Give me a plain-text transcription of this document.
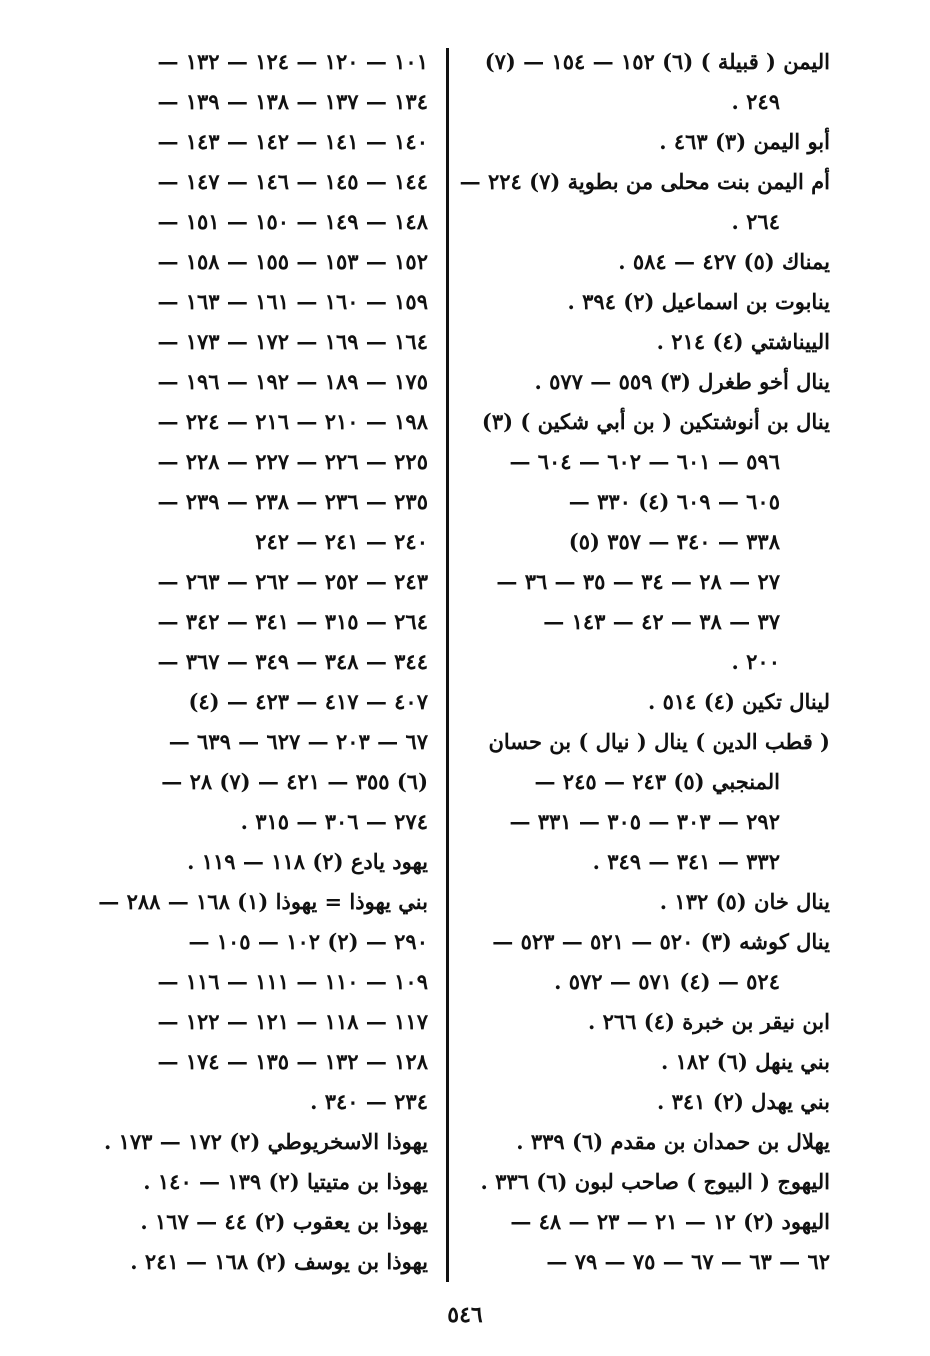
اليمن ( قبيلة ) (٦) ١٥٢ — ١٥٤ — (٧)
٢٤٩ .
أبو اليمن (٣) ٤٦٣ .
أم اليمن بنت محلى من بطوية (٧) ٢٢٤ —
٢٦٤ .
يمناك (٥) ٤٢٧ — ٥٨٤ .
ينابوت بن اسماعيل (٢) ٣٩٤ .
الييناشتي (٤) ٢١٤ .
ينال أخو طغرل (٣) ٥٥٩ — ٥٧٧ .
ينال بن أنوشتكين ( بن أبي شكين ) (٣)
٥٩٦ — ٦٠١ — ٦٠٢ — ٦٠٤ —
٦٠٥ — ٦٠٩ (٤) ٣٣٠ —
٣٣٨ — ٣٤٠ — ٣٥٧ (٥)
٢٧ — ٢٨ — ٣٤ — ٣٥ — ٣٦ —
٣٧ — ٣٨ — ٤٢ — ١٤٣ —
٢٠٠ .
لينال تكين (٤) ٥١٤ .
( قطب الدين ) ينال ( نيال ) بن حسان
المنجبي (٥) ٢٤٣ — ٢٤٥ —
٢٩٢ — ٣٠٣ — ٣٠٥ — ٣٣١ —
٣٣٢ — ٣٤١ — ٣٤٩ .
ينال خان (٥) ١٣٢ .
ينال كوشه (٣) ٥٢٠ — ٥٢١ — ٥٢٣ —
٥٢٤ — (٤) ٥٧١ — ٥٧٢ .
ابن نيقر بن خبرة (٤) ٢٦٦ .
بني ينهل (٦) ١٨٢ .
بني يهدل (٢) ٣٤١ .
يهلال بن حمدان بن مقدم (٦) ٣٣٩ .
اليهوج ( البيوج ) صاحب لبون (٦) ٣٣٦ .
اليهود (٢) ١٢ — ٢١ — ٢٣ — ٤٨ —
٦٢ — ٦٣ — ٦٧ — ٧٥ — ٧٩ —
١٠١ — ١٢٠ — ١٢٤ — ١٣٢ —
١٣٤ — ١٣٧ — ١٣٨ — ١٣٩ —
١٤٠ — ١٤١ — ١٤٢ — ١٤٣ —
١٤٤ — ١٤٥ — ١٤٦ — ١٤٧ —
١٤٨ — ١٤٩ — ١٥٠ — ١٥١ —
١٥٢ — ١٥٣ — ١٥٥ — ١٥٨ —
١٥٩ — ١٦٠ — ١٦١ — ١٦٣ —
١٦٤ — ١٦٩ — ١٧٢ — ١٧٣ —
١٧٥ — ١٨٩ — ١٩٢ — ١٩٦ —
١٩٨ — ٢١٠ — ٢١٦ — ٢٢٤ —
٢٢٥ — ٢٢٦ — ٢٢٧ — ٢٢٨ —
٢٣٥ — ٢٣٦ — ٢٣٨ — ٢٣٩ —
٢٤٠ — ٢٤١ — ٢٤٢
٢٤٣ — ٢٥٢ — ٢٦٢ — ٢٦٣ —
٢٦٤ — ٣١٥ — ٣٤١ — ٣٤٢ —
٣٤٤ — ٣٤٨ — ٣٤٩ — ٣٦٧ —
٤٠٧ — ٤١٧ — ٤٢٣ — (٤)
٦٧ — ٢٠٣ — ٦٢٧ — ٦٣٩ —
(٦) ٣٥٥ — ٤٢١ — (٧) ٢٨ —
٢٧٤ — ٣٠٦ — ٣١٥ .
يهود يادع (٢) ١١٨ — ١١٩ .
بني يهوذا = يهوذا (١) ١٦٨ — ٢٨٨ —
٢٩٠ — (٢) ١٠٢ — ١٠٥ —
١٠٩ — ١١٠ — ١١١ — ١١٦ —
١١٧ — ١١٨ — ١٢١ — ١٢٢ —
١٢٨ — ١٣٢ — ١٣٥ — ١٧٤ —
٢٣٤ — ٣٤٠ .
يهوذا الاسخريوطي (٢) ١٧٢ — ١٧٣ .
يهوذا بن متيتيا (٢) ١٣٩ — ١٤٠ .
يهوذا بن يعقوب (٢) ٤٤ — ١٦٧ .
يهوذا بن يوسف (٢) ١٦٨ — ٢٤١ .
٥٤٦
